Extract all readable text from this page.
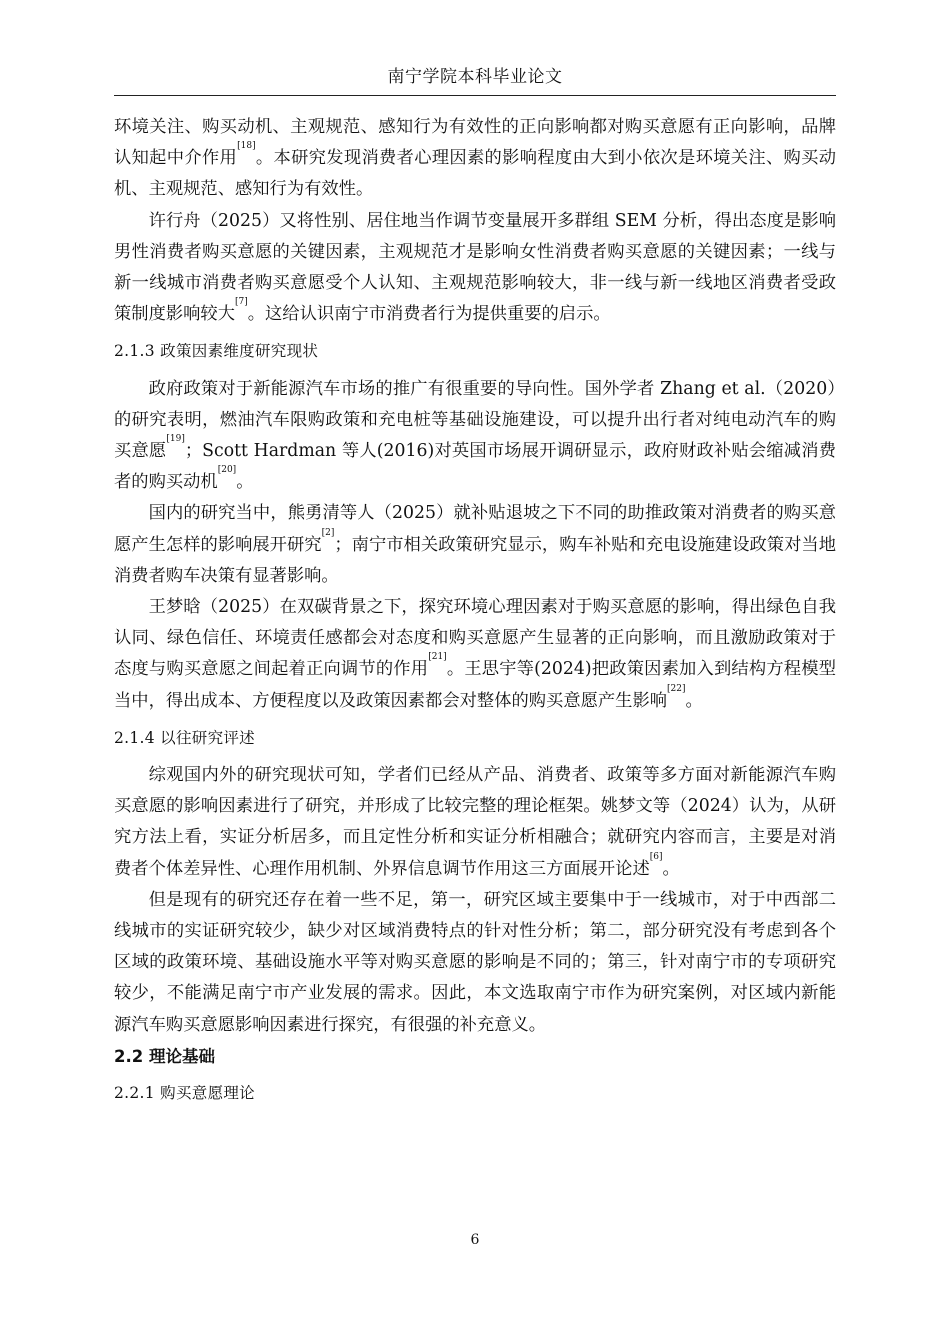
南宁学院本科毕业论文

环境关注、购买动机、主观规范、感知行为有效性的正向影响都对购买意愿有正向影响，品牌认知起中介作用[18]。本研究发现消费者心理因素的影响程度由大到小依次是环境关注、购买动机、主观规范、感知行为有效性。

许行舟（2025）又将性别、居住地当作调节变量展开多群组 SEM 分析，得出态度是影响男性消费者购买意愿的关键因素，主观规范才是影响女性消费者购买意愿的关键因素；一线与新一线城市消费者购买意愿受个人认知、主观规范影响较大，非一线与新一线地区消费者受政策制度影响较大[7]。这给认识南宁市消费者行为提供重要的启示。

2.1.3 政策因素维度研究现状

政府政策对于新能源汽车市场的推广有很重要的导向性。国外学者 Zhang et al.（2020）的研究表明，燃油汽车限购政策和充电桩等基础设施建设，可以提升出行者对纯电动汽车的购买意愿[19]；Scott Hardman 等人(2016)对英国市场展开调研显示，政府财政补贴会缩减消费者的购买动机[20]。

国内的研究当中，熊勇清等人（2025）就补贴退坡之下不同的助推政策对消费者的购买意愿产生怎样的影响展开研究[2]；南宁市相关政策研究显示，购车补贴和充电设施建设政策对当地消费者购车决策有显著影响。

王梦晗（2025）在双碳背景之下，探究环境心理因素对于购买意愿的影响，得出绿色自我认同、绿色信任、环境责任感都会对态度和购买意愿产生显著的正向影响，而且激励政策对于态度与购买意愿之间起着正向调节的作用[21]。王思宇等(2024)把政策因素加入到结构方程模型当中，得出成本、方便程度以及政策因素都会对整体的购买意愿产生影响[22]。

2.1.4 以往研究评述

综观国内外的研究现状可知，学者们已经从产品、消费者、政策等多方面对新能源汽车购买意愿的影响因素进行了研究，并形成了比较完整的理论框架。姚梦文等（2024）认为，从研究方法上看，实证分析居多，而且定性分析和实证分析相融合；就研究内容而言，主要是对消费者个体差异性、心理作用机制、外界信息调节作用这三方面展开论述[6]。

但是现有的研究还存在着一些不足，第一，研究区域主要集中于一线城市，对于中西部二线城市的实证研究较少，缺少对区域消费特点的针对性分析；第二，部分研究没有考虑到各个区域的政策环境、基础设施水平等对购买意愿的影响是不同的；第三，针对南宁市的专项研究较少，不能满足南宁市产业发展的需求。因此，本文选取南宁市作为研究案例，对区域内新能源汽车购买意愿影响因素进行探究，有很强的补充意义。

2.2 理论基础
2.2.1 购买意愿理论
6
